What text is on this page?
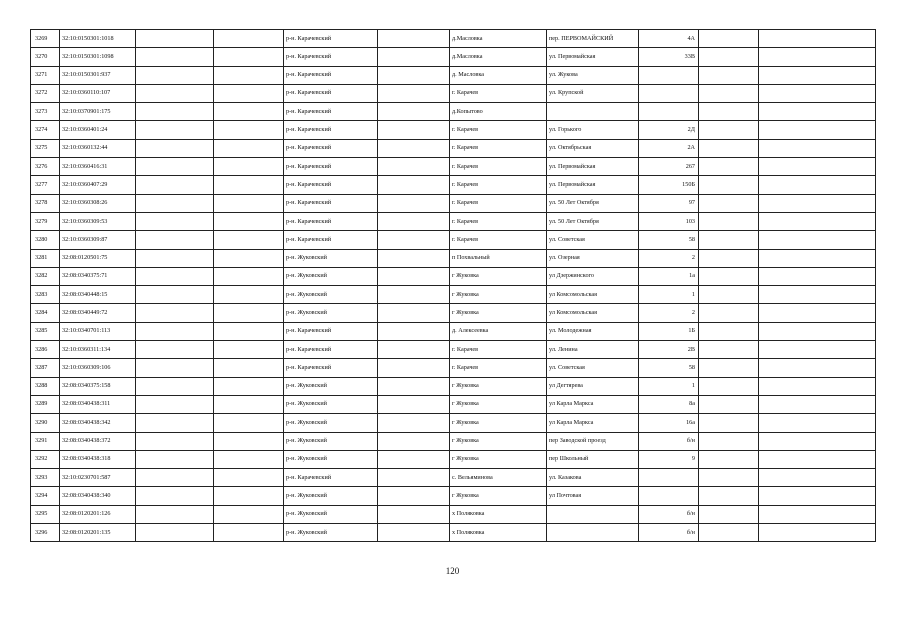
3269	32:10:0150301:1018			р-н. Карачевский		д.Масловка	пер. ПЕРВОМАЙСКИЙ	4А		
3270	32:10:0150301:1098			р-н. Карачевский		д.Масловка	ул. Первомайская	33В		
3271	32:10:0150301:937			р-н. Карачевский		д. Масловка	ул. Жукова			
3272	32:10:0360110:107			р-н. Карачевский		г. Карачев	ул. Крупской			
3273	32:10:0370901:175			р-н. Карачевский		д.Копытово				
3274	32:10:0360401:24			р-н. Карачевский		г. Карачев	ул. Горького	2Д		
3275	32:10:0360132:44			р-н. Карачевский		г. Карачев	ул. Октябрьская	2А		
3276	32:10:0360416:31			р-н. Карачевский		г. Карачев	ул. Первомайская	267		
3277	32:10:0360407:29			р-н. Карачевский		г. Карачев	ул. Первомайская	150Б		
3278	32:10:0360308:26			р-н. Карачевский		г. Карачев	ул. 50 Лет Октября	97		
3279	32:10:0360309:53			р-н. Карачевский		г. Карачев	ул. 50 Лет Октября	103		
3280	32:10:0360309:87			р-н. Карачевский		г. Карачев	ул. Советская	58		
3281	32:08:0120501:75			р-н. Жуковский		п Похвальный	ул. Озерная	2		
3282	32:08:0340375:71			р-н. Жуковский		г Жуковка	ул Дзержинского	1а		
3283	32:08:0340448:15			р-н. Жуковский		г Жуковка	ул Комсомольская	1		
3284	32:08:0340449:72			р-н. Жуковский		г Жуковка	ул Комсомольская	2		
3285	32:10:0340701:113			р-н. Карачевский		д. Алексеевка	ул. Молодежная	1Б		
3286	32:10:0360311:134			р-н. Карачевский		г. Карачев	ул. Ленина	2В		
3287	32:10:0360309:106			р-н. Карачевский		г. Карачев	ул. Советская	58		
3288	32:08:0340375:158			р-н. Жуковский		г Жуковка	ул Дегтярева	1		
3289	32:08:0340438:311			р-н. Жуковский		г Жуковка	ул Карла Маркса	8а		
3290	32:08:0340438:342			р-н. Жуковский		г Жуковка	ул Карла Маркса	16а		
3291	32:08:0340438:372			р-н. Жуковский		г Жуковка	пер Заводской проезд	б/н		
3292	32:08:0340438:318			р-н. Жуковский		г Жуковка	пер Школьный	9		
3293	32:10:0230701:587			р-н. Карачевский		с. Вельяминова	ул. Казакова			
3294	32:08:0340438:340			р-н. Жуковский		г Жуковка	ул Почтовая			
3295	32:08:0120201:126			р-н. Жуковский		х Поляковка		б/н		
3296	32:08:0120201:135			р-н. Жуковский		х Поляковка		б/н		
120
